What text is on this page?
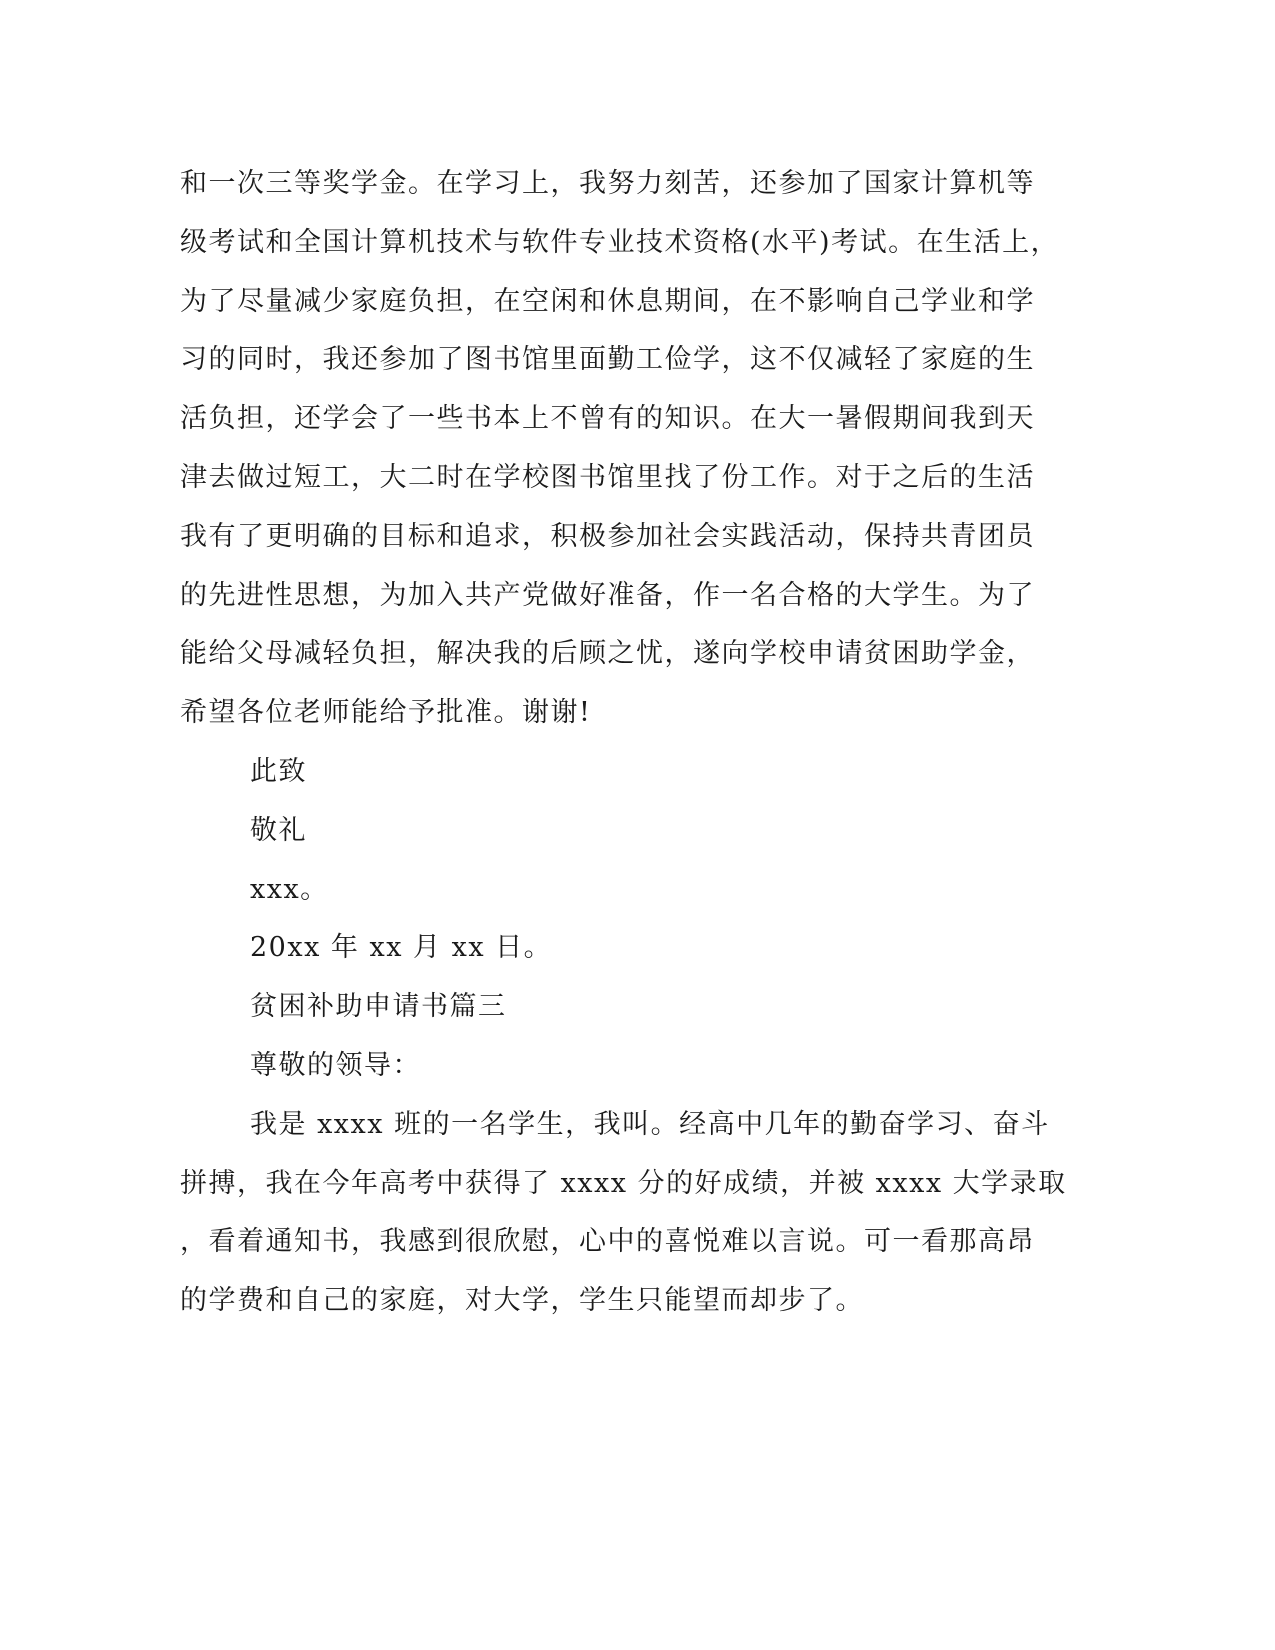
和一次三等奖学金。在学习上，我努力刻苦，还参加了国家计算机等
级考试和全国计算机技术与软件专业技术资格(水平)考试。在生活上，
为了尽量减少家庭负担，在空闲和休息期间，在不影响自己学业和学
习的同时，我还参加了图书馆里面勤工俭学，这不仅减轻了家庭的生
活负担，还学会了一些书本上不曾有的知识。在大一暑假期间我到天
津去做过短工，大二时在学校图书馆里找了份工作。对于之后的生活
我有了更明确的目标和追求，积极参加社会实践活动，保持共青团员
的先进性思想，为加入共产党做好准备，作一名合格的大学生。为了
能给父母减轻负担，解决我的后顾之忧，遂向学校申请贫困助学金，
希望各位老师能给予批准。谢谢!
此致
敬礼
xxx。
20xx 年 xx 月 xx 日。
贫困补助申请书篇三
尊敬的领导：
我是 xxxx 班的一名学生，我叫。经高中几年的勤奋学习、奋斗
拼搏，我在今年高考中获得了 xxxx 分的好成绩，并被 xxxx 大学录取
，看着通知书，我感到很欣慰，心中的喜悦难以言说。可一看那高昂
的学费和自己的家庭，对大学，学生只能望而却步了。
